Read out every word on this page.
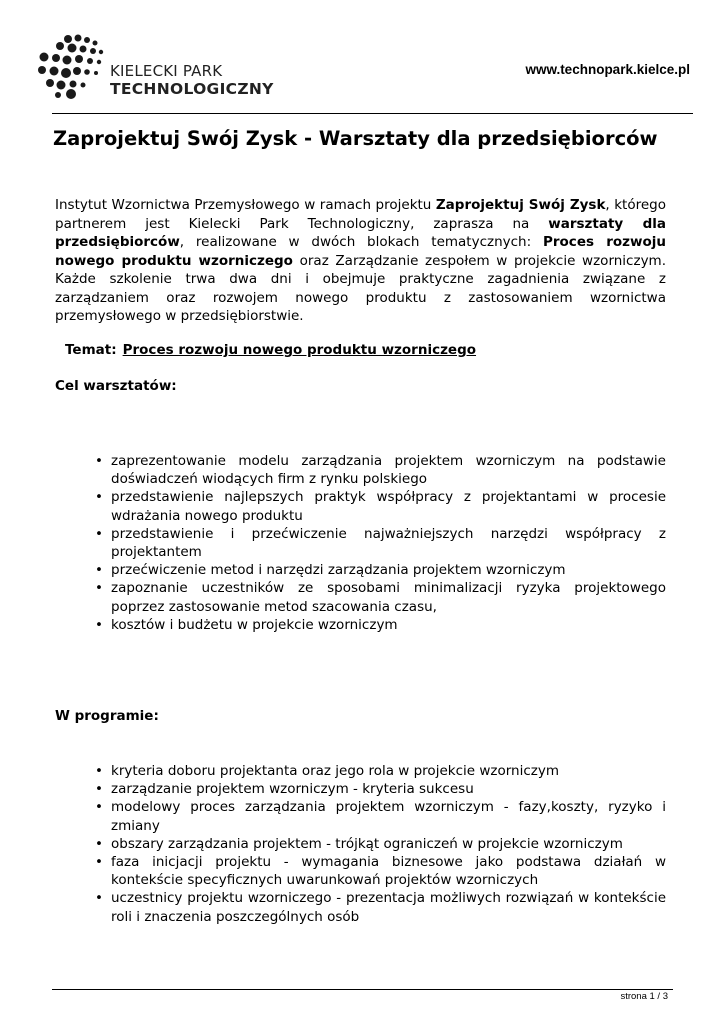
KIELECKI PARK
TECHNOLOGICZNY
www.technopark.kielce.pl
Zaprojektuj Swój Zysk - Warsztaty dla przedsiębiorców

Instytut Wzornictwa Przemysłowego w ramach projektu Zaprojektuj Swój Zysk, którego partnerem jest Kielecki Park Technologiczny, zaprasza na warsztaty dla przedsiębiorców, realizowane w dwóch blokach tematycznych: Proces rozwoju nowego produktu wzorniczego oraz Zarządzanie zespołem w projekcie wzorniczym. Każde szkolenie trwa dwa dni i obejmuje praktyczne zagadnienia związane z zarządzaniem oraz rozwojem nowego produktu z zastosowaniem wzornictwa przemysłowego w przedsiębiorstwie.

Temat: Proces rozwoju nowego produktu wzorniczego
Cel warsztatów:
• zaprezentowanie modelu zarządzania projektem wzorniczym na podstawie doświadczeń wiodących firm z rynku polskiego
• przedstawienie najlepszych praktyk współpracy z projektantami w procesie wdrażania nowego produktu
• przedstawienie i przećwiczenie najważniejszych narzędzi współpracy z projektantem
• przećwiczenie metod i narzędzi zarządzania projektem wzorniczym
• zapoznanie uczestników ze sposobami minimalizacji ryzyka projektowego poprzez zastosowanie metod szacowania czasu,
• kosztów i budżetu w projekcie wzorniczym
W programie:
• kryteria doboru projektanta oraz jego rola w projekcie wzorniczym
• zarządzanie projektem wzorniczym - kryteria sukcesu
• modelowy proces zarządzania projektem wzorniczym - fazy,koszty, ryzyko i zmiany
• obszary zarządzania projektem - trójkąt ograniczeń w projekcie wzorniczym
• faza inicjacji projektu - wymagania biznesowe jako podstawa działań w kontekście specyficznych uwarunkowań projektów wzorniczych
• uczestnicy projektu wzorniczego - prezentacja możliwych rozwiązań w kontekście roli i znaczenia poszczególnych osób
strona 1 / 3
